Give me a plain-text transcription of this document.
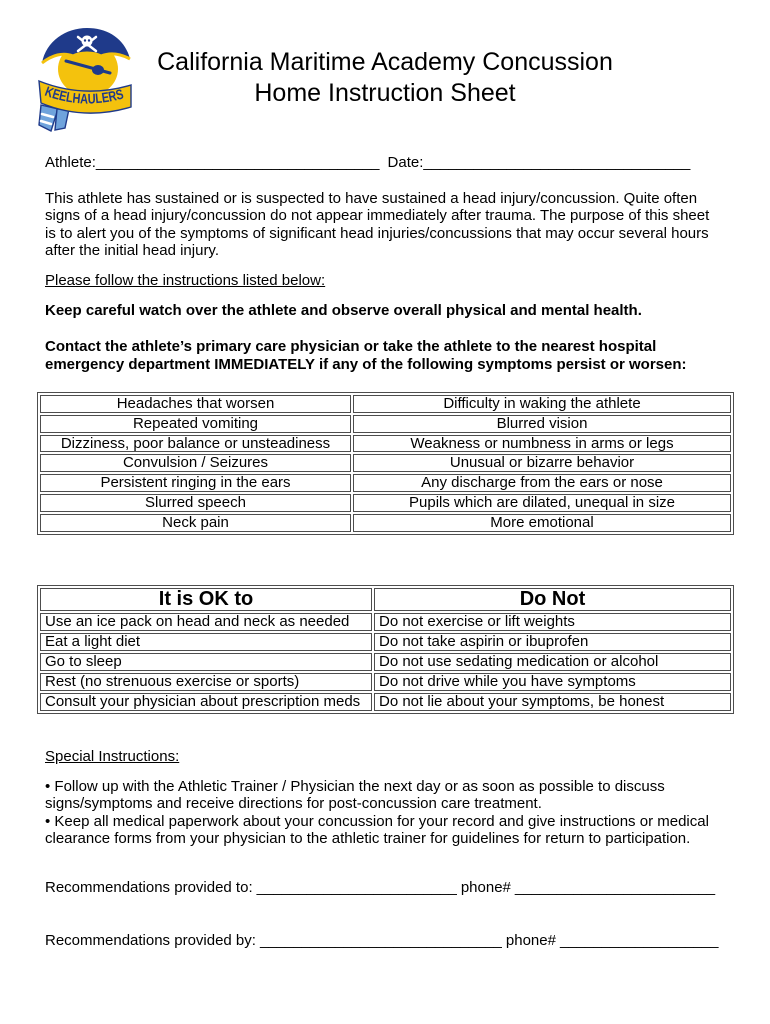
KEELHAULERS
California Maritime Academy Concussion
Home Instruction Sheet
Athlete: __________________________________ Date: ________________________________
This athlete has sustained or is suspected to have sustained a head injury/concussion. Quite often signs of a head injury/concussion do not appear immediately after trauma. The purpose of this sheet is to alert you of the symptoms of significant head injuries/concussions that may occur several hours after the initial head injury.
Please follow the instructions listed below:
Keep careful watch over the athlete and observe overall physical and mental health.
Contact the athlete’s primary care physician or take the athlete to the nearest hospital emergency department IMMEDIATELY if any of the following symptoms persist or worsen:
Headaches that worsen	Difficulty in waking the athlete
Repeated vomiting	Blurred vision
Dizziness, poor balance or unsteadiness	Weakness or numbness in arms or legs
Convulsion / Seizures	Unusual or bizarre behavior
Persistent ringing in the ears	Any discharge from the ears or nose
Slurred speech	Pupils which are dilated, unequal in size
Neck pain	More emotional
It is OK to	Do Not
Use an ice pack on head and neck as needed	Do not exercise or lift weights
Eat a light diet	Do not take aspirin or ibuprofen
Go to sleep	Do not use sedating medication or alcohol
Rest (no strenuous exercise or sports)	Do not drive while you have symptoms
Consult your physician about prescription meds	Do not lie about your symptoms, be honest
Special Instructions:
• Follow up with the Athletic Trainer / Physician the next day or as soon as possible to discuss signs/symptoms and receive directions for post-concussion care treatment.
• Keep all medical paperwork about your concussion for your record and give instructions or medical clearance forms from your physician to the athletic trainer for guidelines for return to participation.
Recommendations provided to: ________________________ phone# ________________________
Recommendations provided by: _____________________________ phone# ___________________
